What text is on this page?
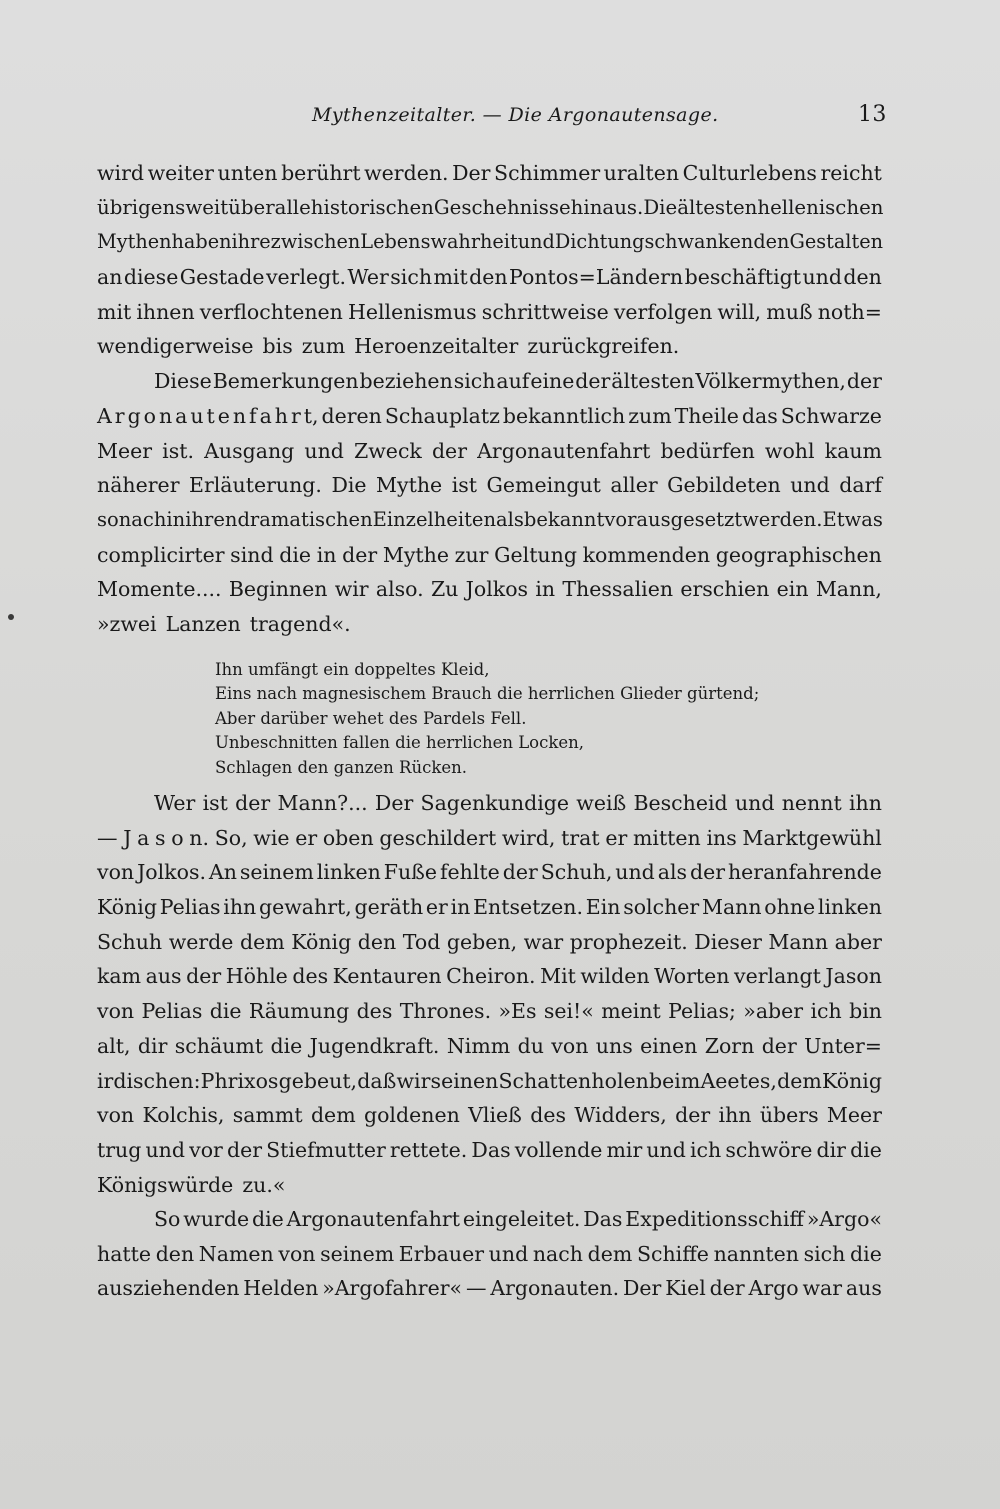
Mythenzeitalter. — Die Argonautensage.	13
wird weiter unten berührt werden. Der Schimmer uralten Culturlebens reicht
übrigens weit über alle historischen Geschehnisse hinaus. Die ältesten hellenischen
Mythen haben ihre zwischen Lebenswahrheit und Dichtung schwankenden Gestalten
an diese Gestade verlegt. Wer sich mit den Pontos=Ländern beschäftigt und den
mit ihnen verflochtenen Hellenismus schrittweise verfolgen will, muß noth=
wendigerweise bis zum Heroenzeitalter zurückgreifen.
Diese Bemerkungen beziehen sich auf eine der ältesten Völkermythen, der
A r g o n a u t e n f a h r t, deren Schauplatz bekanntlich zum Theile das Schwarze
Meer ist. Ausgang und Zweck der Argonautenfahrt bedürfen wohl kaum
näherer Erläuterung. Die Mythe ist Gemeingut aller Gebildeten und darf
sonach in ihren dramatischen Einzelheiten als bekannt vorausgesetzt werden. Etwas
complicirter sind die in der Mythe zur Geltung kommenden geographischen
Momente.... Beginnen wir also. Zu Jolkos in Thessalien erschien ein Mann,
»zwei Lanzen tragend«.
Ihn umfängt ein doppeltes Kleid,
Eins nach magnesischem Brauch die herrlichen Glieder gürtend;
Aber darüber wehet des Pardels Fell.
Unbeschnitten fallen die herrlichen Locken,
Schlagen den ganzen Rücken.
Wer ist der Mann?... Der Sagenkundige weiß Bescheid und nennt ihn
— J a s o n. So, wie er oben geschildert wird, trat er mitten ins Marktgewühl
von Jolkos. An seinem linken Fuße fehlte der Schuh, und als der heranfahrende
König Pelias ihn gewahrt, geräth er in Entsetzen. Ein solcher Mann ohne linken
Schuh werde dem König den Tod geben, war prophezeit. Dieser Mann aber
kam aus der Höhle des Kentauren Cheiron. Mit wilden Worten verlangt Jason
von Pelias die Räumung des Thrones. »Es sei!« meint Pelias; »aber ich bin
alt, dir schäumt die Jugendkraft. Nimm du von uns einen Zorn der Unter=
irdischen: Phrixos gebeut, daß wir seinen Schatten holen beim Aeetes, dem König
von Kolchis, sammt dem goldenen Vließ des Widders, der ihn übers Meer
trug und vor der Stiefmutter rettete. Das vollende mir und ich schwöre dir die
Königswürde zu.«
So wurde die Argonautenfahrt eingeleitet. Das Expeditionsschiff »Argo«
hatte den Namen von seinem Erbauer und nach dem Schiffe nannten sich die
ausziehenden Helden »Argofahrer« — Argonauten. Der Kiel der Argo war aus
